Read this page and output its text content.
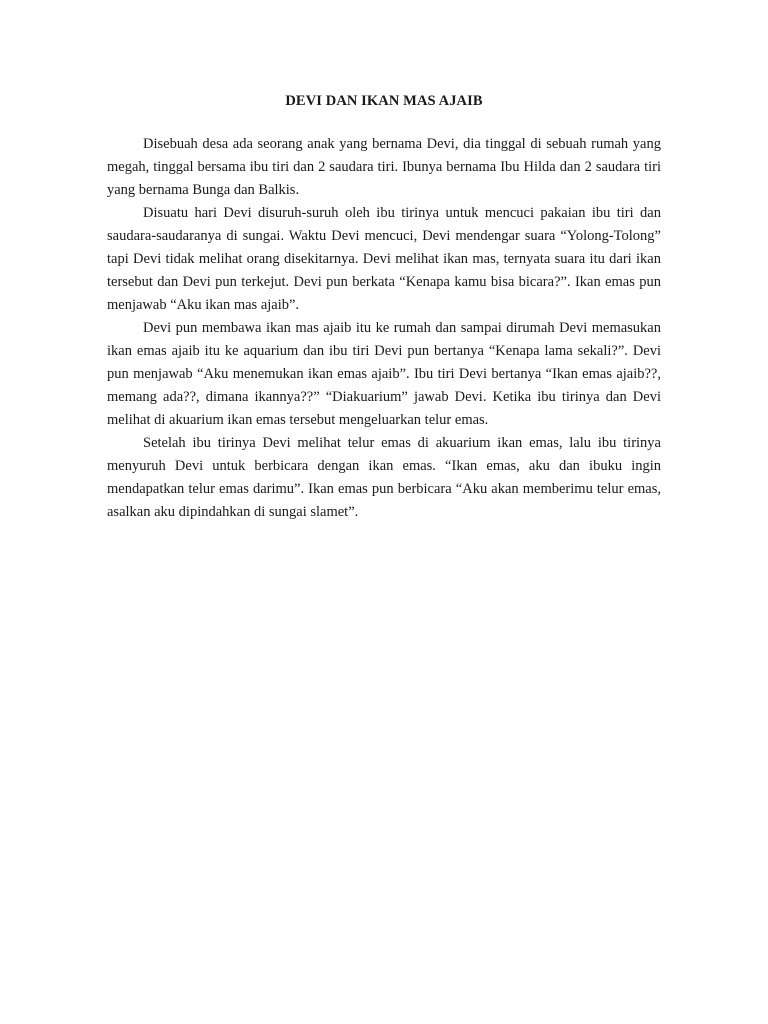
DEVI DAN IKAN MAS AJAIB

Disebuah desa ada seorang anak yang bernama Devi, dia tinggal di sebuah rumah yang megah, tinggal bersama ibu tiri dan 2 saudara tiri. Ibunya bernama Ibu Hilda dan 2 saudara tiri yang bernama Bunga dan Balkis.

Disuatu hari Devi disuruh-suruh oleh ibu tirinya untuk mencuci pakaian ibu tiri dan saudara-saudaranya di sungai. Waktu Devi mencuci, Devi mendengar suara “Yolong-Tolong” tapi Devi tidak melihat orang disekitarnya. Devi melihat ikan mas, ternyata suara itu dari ikan tersebut dan Devi pun terkejut. Devi pun berkata “Kenapa kamu bisa bicara?”. Ikan emas pun menjawab “Aku ikan mas ajaib”.

Devi pun membawa ikan mas ajaib itu ke rumah dan sampai dirumah Devi memasukan ikan emas ajaib itu ke aquarium dan ibu tiri Devi pun bertanya “Kenapa lama sekali?”. Devi pun menjawab “Aku menemukan ikan emas ajaib”. Ibu tiri Devi bertanya “Ikan emas ajaib??, memang ada??, dimana ikannya??” “Diakuarium” jawab Devi. Ketika ibu tirinya dan Devi melihat di akuarium ikan emas tersebut mengeluarkan telur emas.

Setelah ibu tirinya Devi melihat telur emas di akuarium ikan emas, lalu ibu tirinya menyuruh Devi untuk berbicara dengan ikan emas. “Ikan emas, aku dan ibuku ingin mendapatkan telur emas darimu”. Ikan emas pun berbicara “Aku akan memberimu telur emas, asalkan aku dipindahkan di sungai slamet”.
